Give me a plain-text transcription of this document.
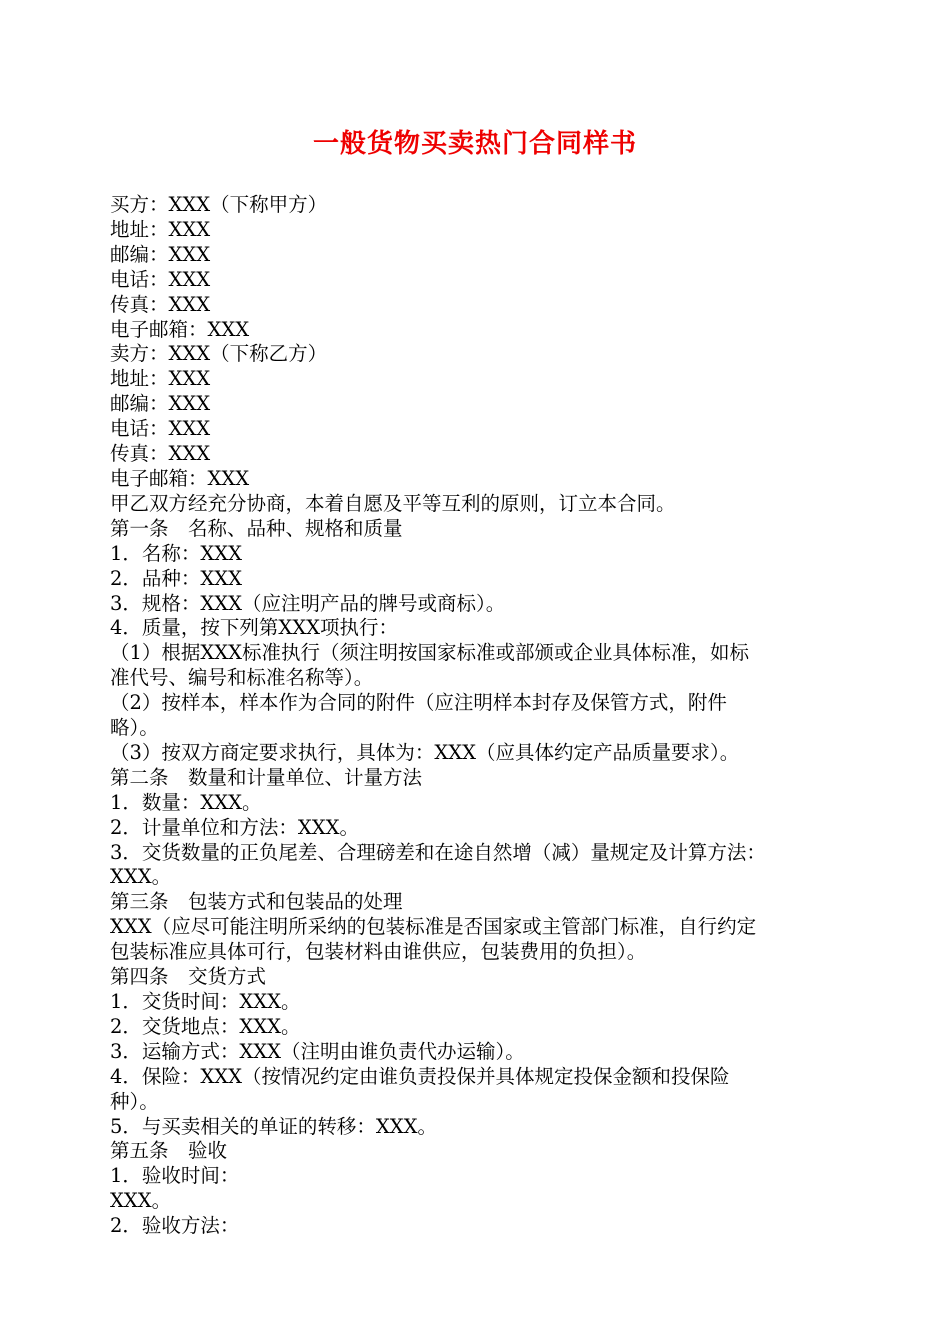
一般货物买卖热门合同样书
买方：XXX（下称甲方）
地址：XXX
邮编：XXX
电话：XXX
传真：XXX
电子邮箱：XXX
卖方：XXX（下称乙方）
地址：XXX
邮编：XXX
电话：XXX
传真：XXX
电子邮箱：XXX
甲乙双方经充分协商，本着自愿及平等互利的原则，订立本合同。
第一条　名称、品种、规格和质量
1．名称：XXX
2．品种：XXX
3．规格：XXX（应注明产品的牌号或商标）。
4．质量，按下列第XXX项执行：
（1）根据XXX标准执行（须注明按国家标准或部颁或企业具体标准，如标
准代号、编号和标准名称等）。
（2）按样本，样本作为合同的附件（应注明样本封存及保管方式，附件
略）。
（3）按双方商定要求执行，具体为：XXX（应具体约定产品质量要求）。
第二条　数量和计量单位、计量方法
1．数量：XXX。
2．计量单位和方法：XXX。
3．交货数量的正负尾差、合理磅差和在途自然增（减）量规定及计算方法：
XXX。
第三条　包装方式和包装品的处理
XXX（应尽可能注明所采纳的包装标准是否国家或主管部门标准，自行约定
包装标准应具体可行，包装材料由谁供应，包装费用的负担）。
第四条　交货方式
1．交货时间：XXX。
2．交货地点：XXX。
3．运输方式：XXX（注明由谁负责代办运输）。
4．保险：XXX（按情况约定由谁负责投保并具体规定投保金额和投保险
种）。
5．与买卖相关的单证的转移：XXX。
第五条　验收
1．验收时间：
XXX。
2．验收方法：
